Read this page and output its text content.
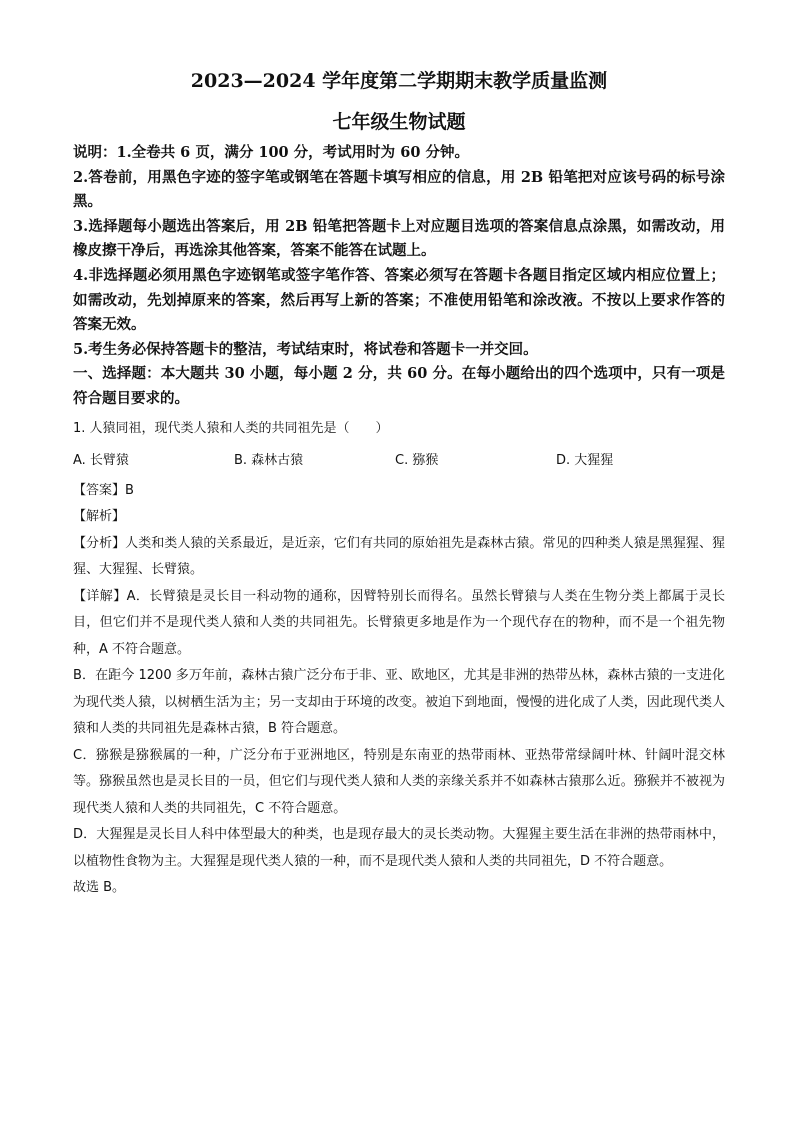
2023—2024 学年度第二学期期末教学质量监测
七年级生物试题

说明：1.全卷共 6 页，满分 100 分，考试用时为 60 分钟。

2.答卷前，用黑色字迹的签字笔或钢笔在答题卡填写相应的信息，用 2B 铅笔把对应该号码的标号涂黑。

3.选择题每小题选出答案后，用 2B 铅笔把答题卡上对应题目选项的答案信息点涂黑，如需改动，用橡皮擦干净后，再选涂其他答案，答案不能答在试题上。

4.非选择题必须用黑色字迹钢笔或签字笔作答、答案必须写在答题卡各题目指定区域内相应位置上；如需改动，先划掉原来的答案，然后再写上新的答案；不准使用铅笔和涂改液。不按以上要求作答的答案无效。

5.考生务必保持答题卡的整洁，考试结束时，将试卷和答题卡一并交回。

一、选择题：本大题共 30 小题，每小题 2 分，共 60 分。在每小题给出的四个选项中，只有一项是符合题目要求的。

1. 人猿同祖，现代类人猿和人类的共同祖先是（　　）

A. 长臂猿	B. 森林古猿	C. 猕猴	D. 大猩猩

【答案】B

【解析】

【分析】人类和类人猿的关系最近，是近亲，它们有共同的原始祖先是森林古猿。常见的四种类人猿是黑猩猩、猩猩、大猩猩、长臂猿。

【详解】A．长臂猿是灵长目一科动物的通称，因臂特别长而得名。虽然长臂猿与人类在生物分类上都属于灵长目，但它们并不是现代类人猿和人类的共同祖先。长臂猿更多地是作为一个现代存在的物种，而不是一个祖先物种，A 不符合题意。

B．在距今 1200 多万年前，森林古猿广泛分布于非、亚、欧地区，尤其是非洲的热带丛林，森林古猿的一支进化为现代类人猿，以树栖生活为主；另一支却由于环境的改变。被迫下到地面，慢慢的进化成了人类，因此现代类人猿和人类的共同祖先是森林古猿，B 符合题意。

C．猕猴是猕猴属的一种，广泛分布于亚洲地区，特别是东南亚的热带雨林、亚热带常绿阔叶林、针阔叶混交林等。猕猴虽然也是灵长目的一员，但它们与现代类人猿和人类的亲缘关系并不如森林古猿那么近。猕猴并不被视为现代类人猿和人类的共同祖先，C 不符合题意。

D．大猩猩是灵长目人科中体型最大的种类，也是现存最大的灵长类动物。大猩猩主要生活在非洲的热带雨林中，以植物性食物为主。大猩猩是现代类人猿的一种，而不是现代类人猿和人类的共同祖先，D 不符合题意。

故选 B。
